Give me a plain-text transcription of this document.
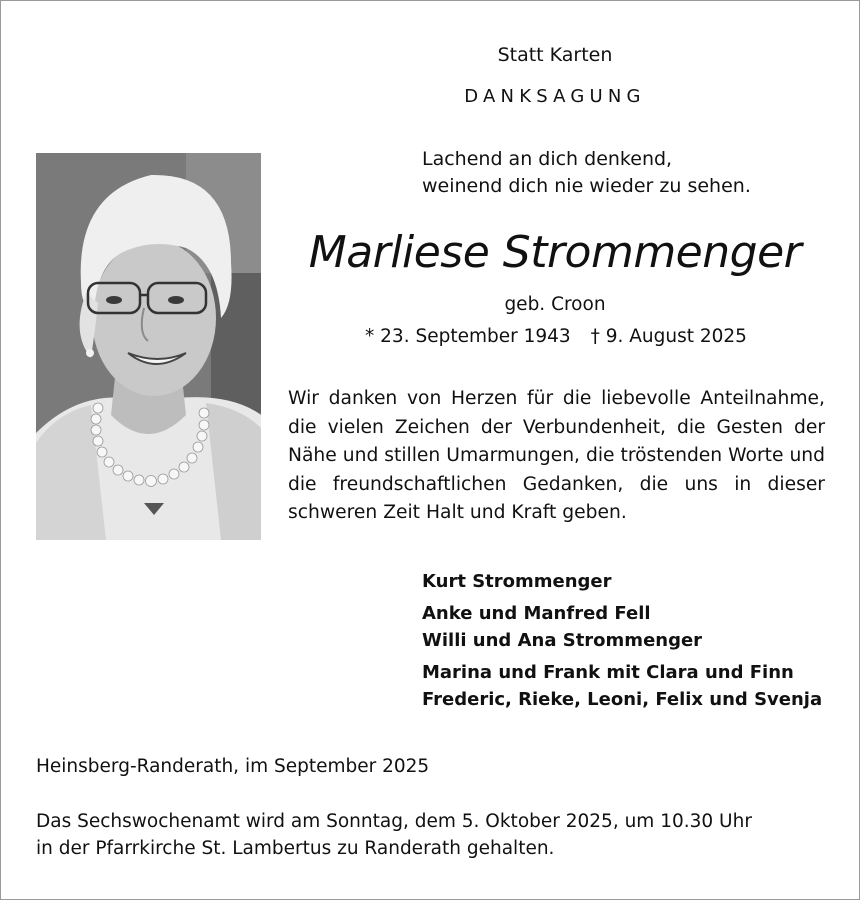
Statt Karten
DANKSAGUNG
Lachend an dich denkend,
weinend dich nie wieder zu sehen.
Marliese Strommenger
geb. Croon
* 23. September 1943 † 9. August 2025
Wir danken von Herzen für die liebevolle Anteilnahme, die vielen Zeichen der Verbundenheit, die Gesten der Nähe und stillen Umarmungen, die tröstenden Worte und die freundschaftlichen Gedanken, die uns in dieser schweren Zeit Halt und Kraft geben.
Kurt Strommenger
Anke und Manfred Fell
Willi und Ana Strommenger
Marina und Frank mit Clara und Finn
Frederic, Rieke, Leoni, Felix und Svenja
Heinsberg-Randerath, im September 2025
Das Sechswochenamt wird am Sonntag, dem 5. Oktober 2025, um 10.30 Uhr
in der Pfarrkirche St. Lambertus zu Randerath gehalten.
